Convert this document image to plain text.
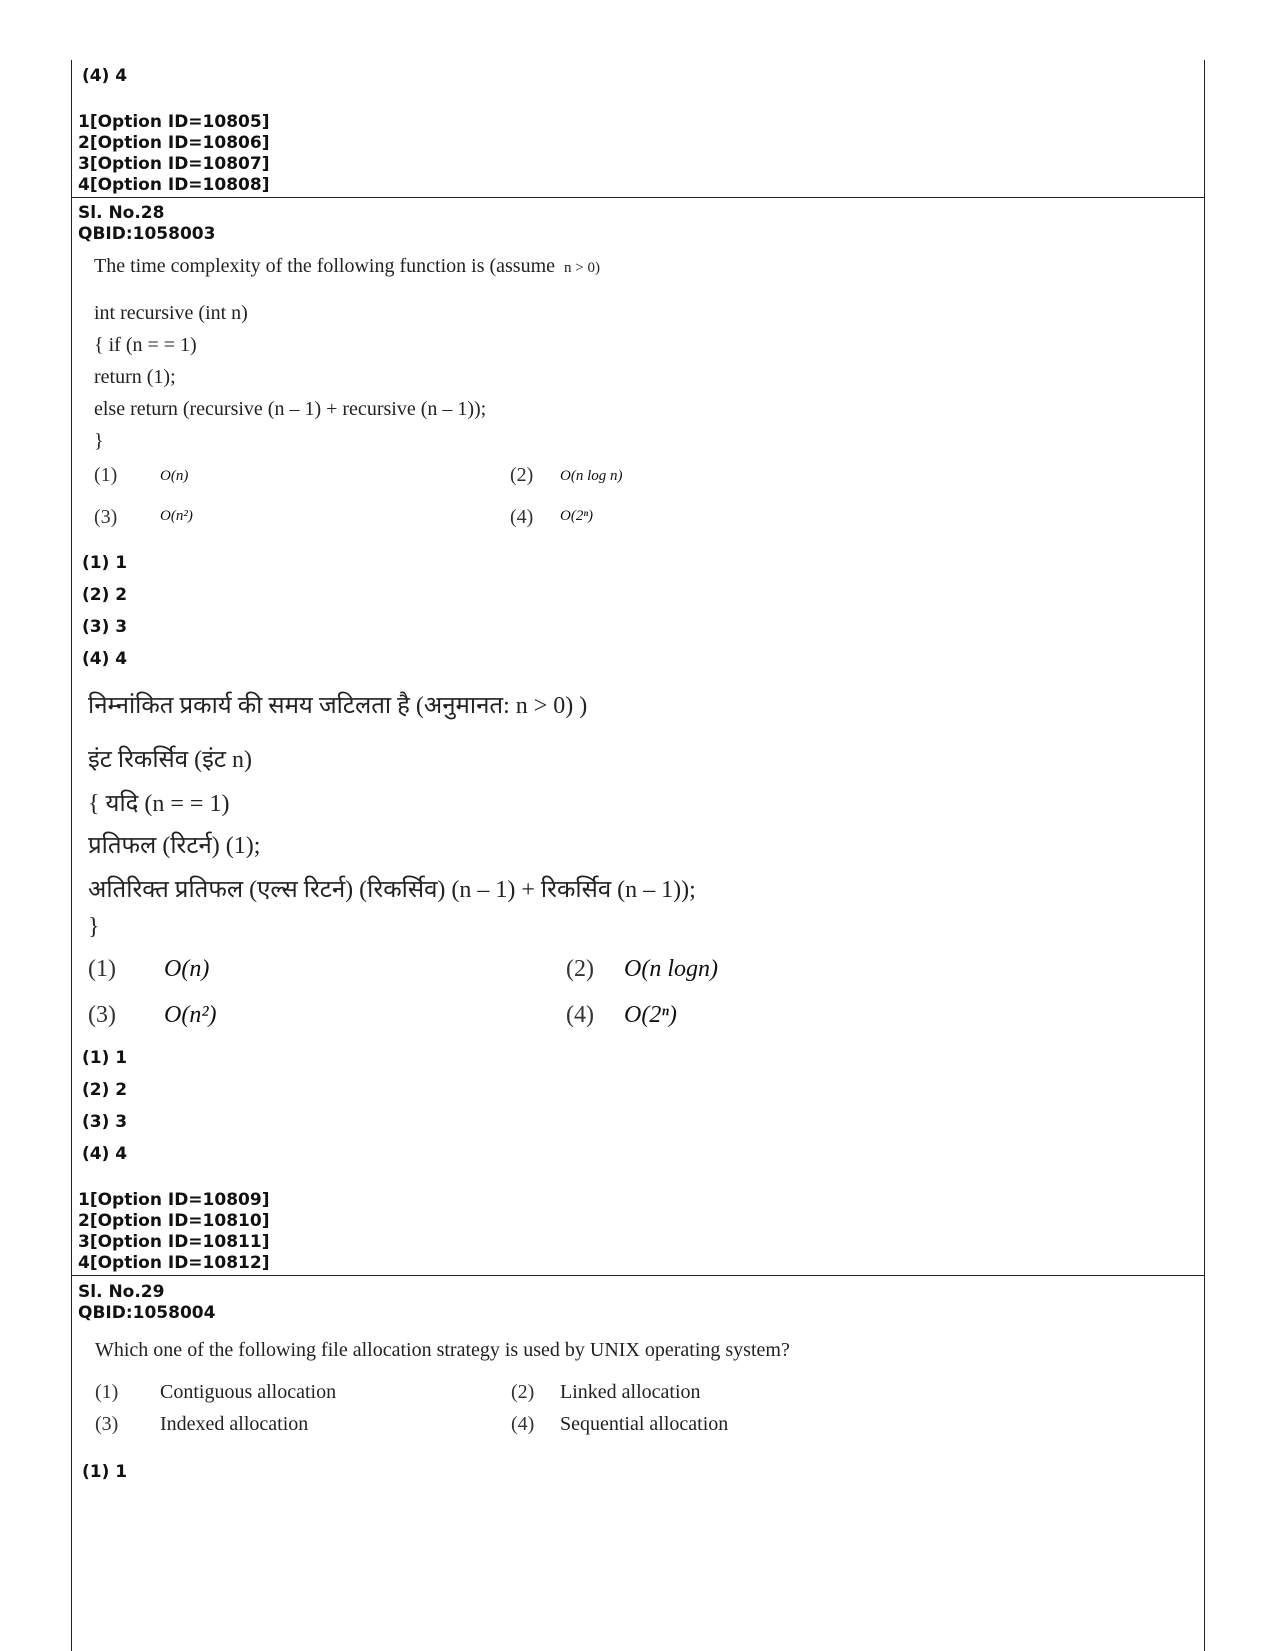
(4) 4
1[Option ID=10805]
2[Option ID=10806]
3[Option ID=10807]
4[Option ID=10808]
Sl. No.28
QBID:1058003
The time complexity of the following function is (assume n > 0)
int recursive (int n)
{ if (n = = 1)
return (1);
else return (recursive (n – 1) + recursive (n – 1));
}
(1)	O(n)	(2) O(n log n)
(3)	O(n²)	(4) O(2ⁿ)
(1) 1
(2) 2
(3) 3
(4) 4
निम्नांकित प्रकार्य की समय जटिलता है (अनुमानत: n > 0) )
इंट रिकर्सिव (इंट n)
{ यदि (n = = 1)
प्रतिफल (रिटर्न) (1);
अतिरिक्त प्रतिफल (एल्स रिटर्न) (रिकर्सिव) (n – 1) + रिकर्सिव (n – 1));
}
(1) O(n)	(2) O(n logn)
(3) O(n²)	(4) O(2ⁿ)
(1) 1
(2) 2
(3) 3
(4) 4
1[Option ID=10809]
2[Option ID=10810]
3[Option ID=10811]
4[Option ID=10812]
Sl. No.29
QBID:1058004
Which one of the following file allocation strategy is used by UNIX operating system?
(1) Contiguous allocation	(2) Linked allocation
(3) Indexed allocation	(4) Sequential allocation
(1) 1
